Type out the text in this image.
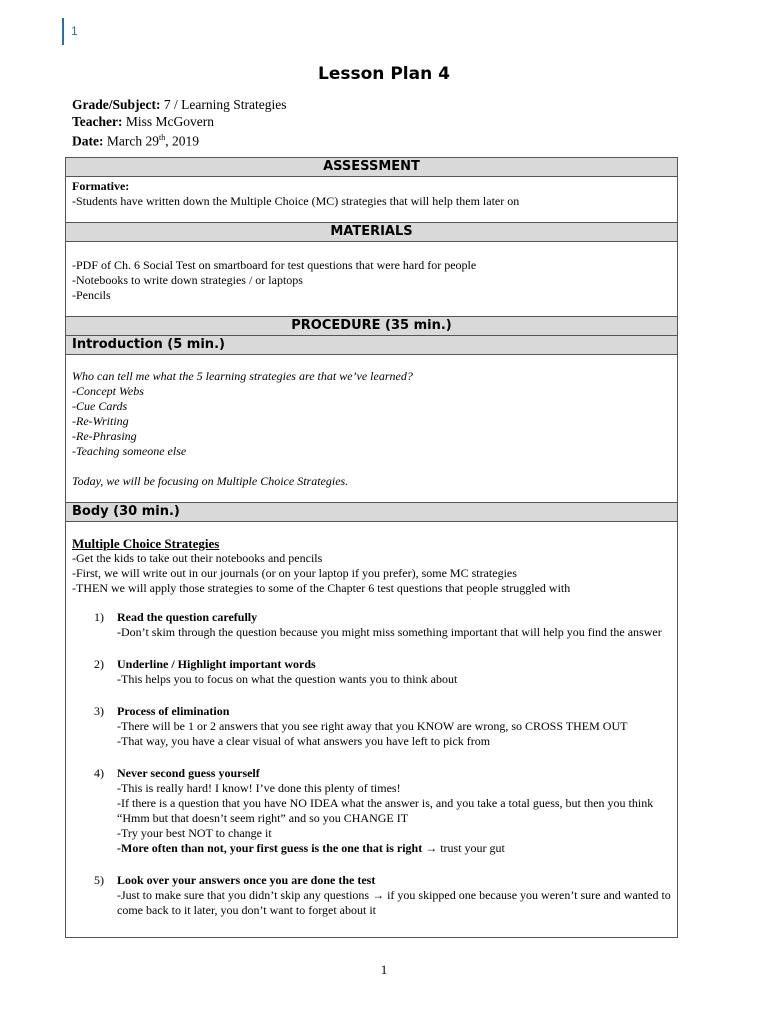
1
Lesson Plan 4
Grade/Subject: 7 / Learning Strategies
Teacher: Miss McGovern
Date: March 29th, 2019
ASSESSMENT

Formative:

-Students have written down the Multiple Choice (MC) strategies that will help them later on

MATERIALS

-PDF of Ch. 6 Social Test on smartboard for test questions that were hard for people

-Notebooks to write down strategies / or laptops

-Pencils

PROCEDURE (35 min.)
Introduction (5 min.)

Who can tell me what the 5 learning strategies are that we’ve learned?

-Concept Webs

-Cue Cards

-Re-Writing

-Re-Phrasing

-Teaching someone else

Today, we will be focusing on Multiple Choice Strategies.

Body (30 min.)

Multiple Choice Strategies

-Get the kids to take out their notebooks and pencils

-First, we will write out in our journals (or on your laptop if you prefer), some MC strategies

-THEN we will apply those strategies to some of the Chapter 6 test questions that people struggled with

1)	Read the question carefully

-Don’t skim through the question because you might miss something important that will help you find the answer

2)	Underline / Highlight important words

-This helps you to focus on what the question wants you to think about

3)	Process of elimination

-There will be 1 or 2 answers that you see right away that you KNOW are wrong, so CROSS THEM OUT

-That way, you have a clear visual of what answers you have left to pick from

4)	Never second guess yourself

-This is really hard! I know! I’ve done this plenty of times!

-If there is a question that you have NO IDEA what the answer is, and you take a total guess, but then you think “Hmm but that doesn’t seem right” and so you CHANGE IT

-Try your best NOT to change it

-More often than not, your first guess is the one that is right → trust your gut

5)	Look over your answers once you are done the test

-Just to make sure that you didn’t skip any questions → if you skipped one because you weren’t sure and wanted to come back to it later, you don’t want to forget about it

1
